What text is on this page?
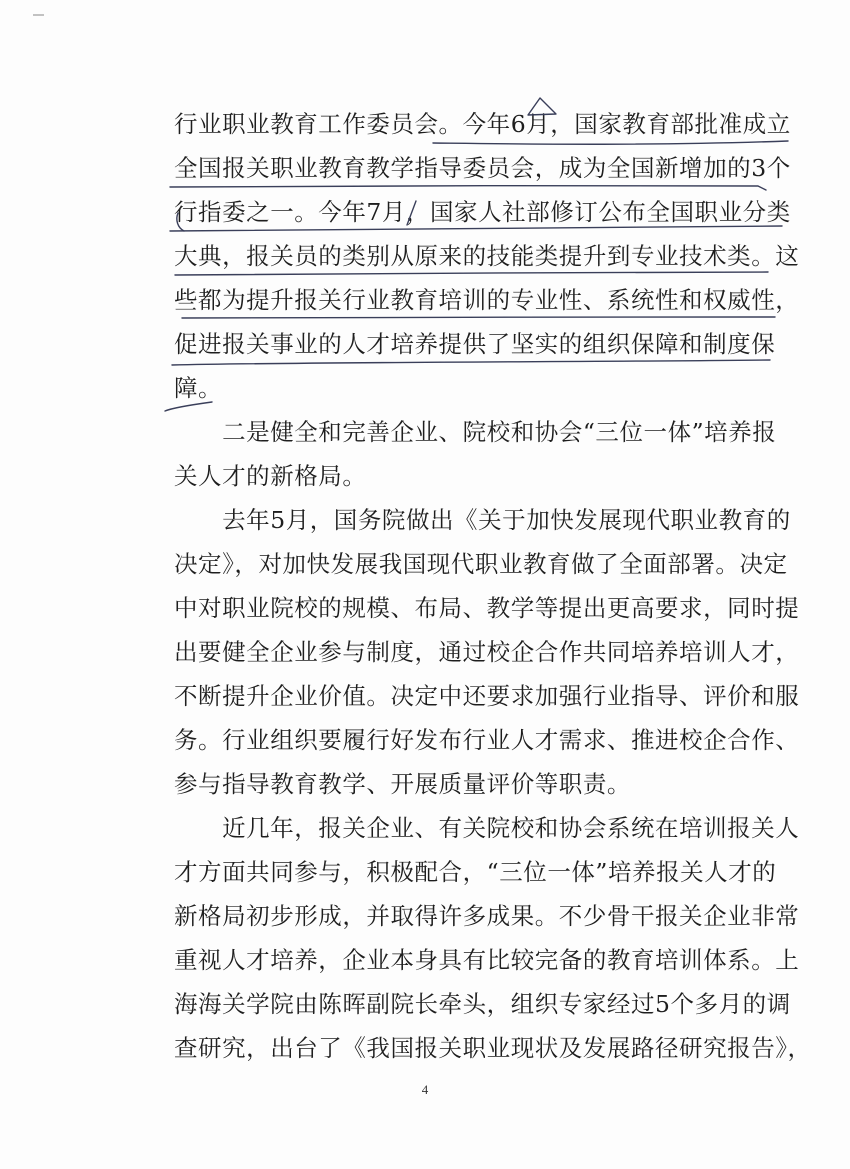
行业职业教育工作委员会。今年6月，国家教育部批准成立
全国报关职业教育教学指导委员会，成为全国新增加的3个
行指委之一。今年7月，国家人社部修订公布全国职业分类
大典，报关员的类别从原来的技能类提升到专业技术类。这
些都为提升报关行业教育培训的专业性、系统性和权威性，
促进报关事业的人才培养提供了坚实的组织保障和制度保
障。
　　二是健全和完善企业、院校和协会“三位一体”培养报
关人才的新格局。
　　去年5月，国务院做出《关于加快发展现代职业教育的
决定》，对加快发展我国现代职业教育做了全面部署。决定
中对职业院校的规模、布局、教学等提出更高要求，同时提
出要健全企业参与制度，通过校企合作共同培养培训人才，
不断提升企业价值。决定中还要求加强行业指导、评价和服
务。行业组织要履行好发布行业人才需求、推进校企合作、
参与指导教育教学、开展质量评价等职责。
　　近几年，报关企业、有关院校和协会系统在培训报关人
才方面共同参与，积极配合，“三位一体”培养报关人才的
新格局初步形成，并取得许多成果。不少骨干报关企业非常
重视人才培养，企业本身具有比较完备的教育培训体系。上
海海关学院由陈晖副院长牵头，组织专家经过5个多月的调
查研究，出台了《我国报关职业现状及发展路径研究报告》，
4
